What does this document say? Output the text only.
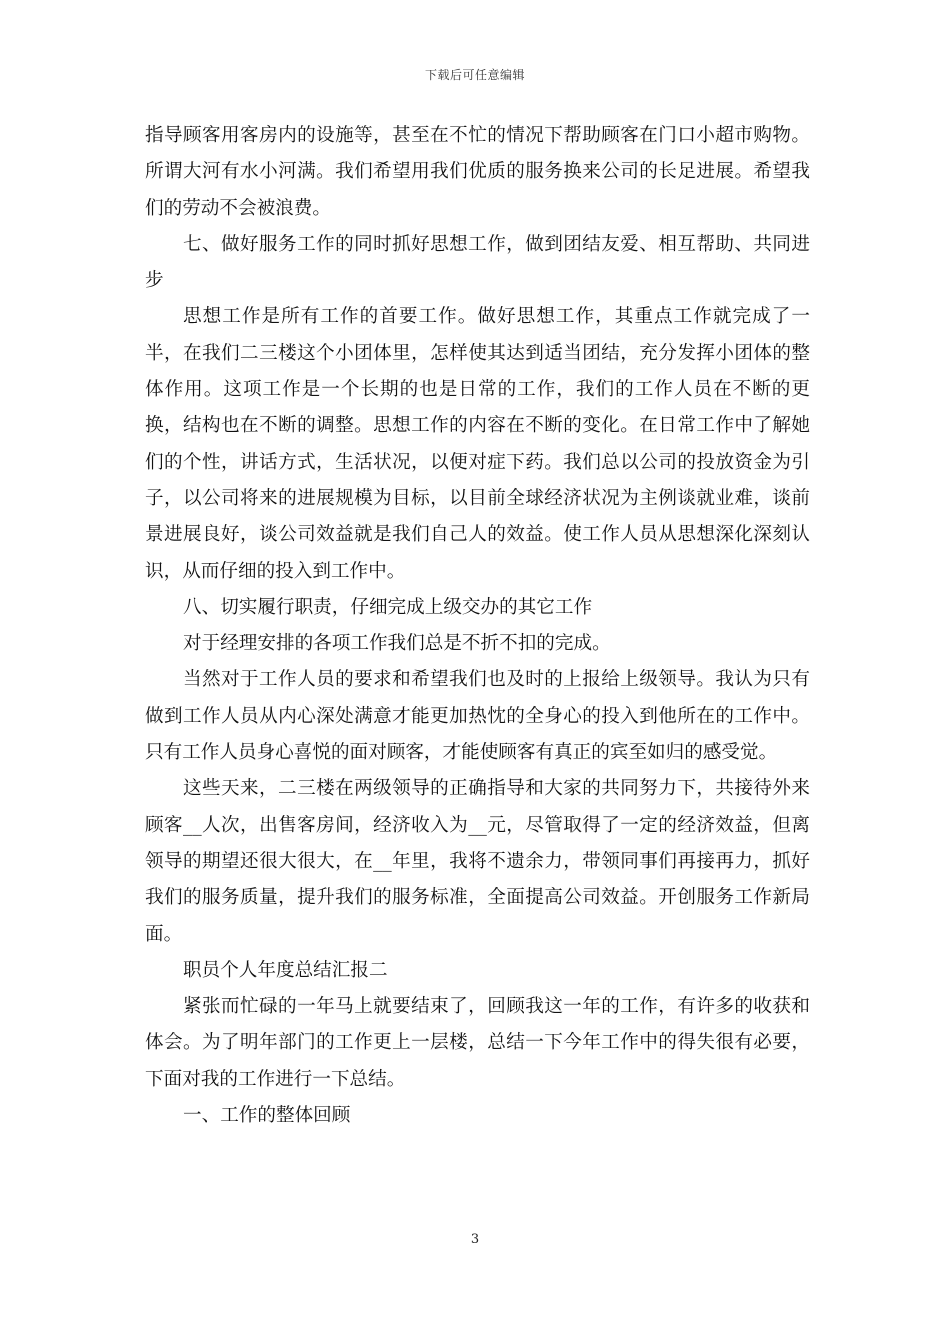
下载后可任意编辑

指导顾客用客房内的设施等，甚至在不忙的情况下帮助顾客在门口小超市购物。所谓大河有水小河满。我们希望用我们优质的服务换来公司的长足进展。希望我们的劳动不会被浪费。

七、做好服务工作的同时抓好思想工作，做到团结友爱、相互帮助、共同进步

思想工作是所有工作的首要工作。做好思想工作，其重点工作就完成了一半，在我们二三楼这个小团体里，怎样使其达到适当团结，充分发挥小团体的整体作用。这项工作是一个长期的也是日常的工作，我们的工作人员在不断的更换，结构也在不断的调整。思想工作的内容在不断的变化。在日常工作中了解她们的个性，讲话方式，生活状况，以便对症下药。我们总以公司的投放资金为引子，以公司将来的进展规模为目标，以目前全球经济状况为主例谈就业难，谈前景进展良好，谈公司效益就是我们自己人的效益。使工作人员从思想深化深刻认识，从而仔细的投入到工作中。

八、切实履行职责，仔细完成上级交办的其它工作

对于经理安排的各项工作我们总是不折不扣的完成。

当然对于工作人员的要求和希望我们也及时的上报给上级领导。我认为只有做到工作人员从内心深处满意才能更加热忱的全身心的投入到他所在的工作中。只有工作人员身心喜悦的面对顾客，才能使顾客有真正的宾至如归的感受觉。

这些天来，二三楼在两级领导的正确指导和大家的共同努力下，共接待外来顾客__人次，出售客房间，经济收入为__元，尽管取得了一定的经济效益，但离领导的期望还很大很大，在__年里，我将不遗余力，带领同事们再接再力，抓好我们的服务质量，提升我们的服务标准，全面提高公司效益。开创服务工作新局面。

职员个人年度总结汇报二

紧张而忙碌的一年马上就要结束了，回顾我这一年的工作，有许多的收获和体会。为了明年部门的工作更上一层楼，总结一下今年工作中的得失很有必要，下面对我的工作进行一下总结。

一、工作的整体回顾

3
